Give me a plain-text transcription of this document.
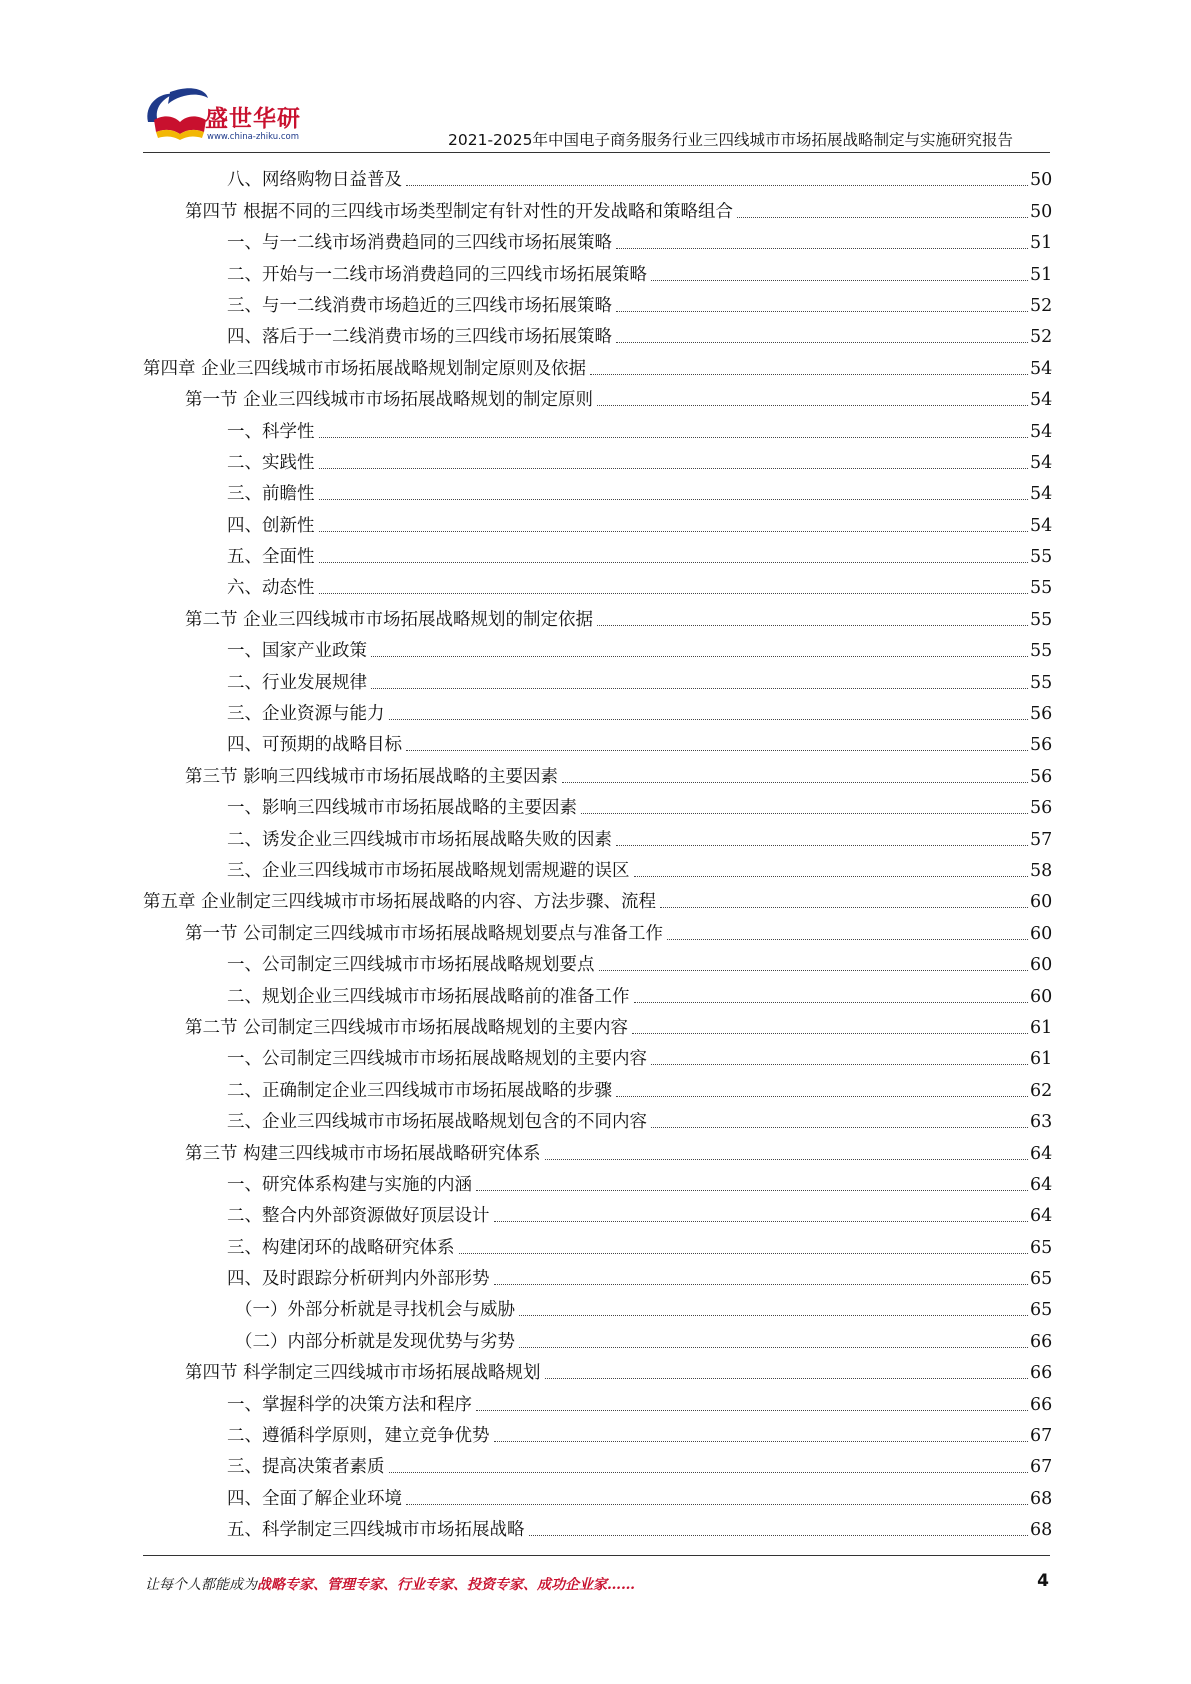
盛世华研
www.china-zhiku.com	2021-2025年中国电子商务服务行业三四线城市市场拓展战略制定与实施研究报告
八、网络购物日益普及	50
第四节 根据不同的三四线市场类型制定有针对性的开发战略和策略组合	50
一、与一二线市场消费趋同的三四线市场拓展策略	51
二、开始与一二线市场消费趋同的三四线市场拓展策略	51
三、与一二线消费市场趋近的三四线市场拓展策略	52
四、落后于一二线消费市场的三四线市场拓展策略	52
第四章 企业三四线城市市场拓展战略规划制定原则及依据	54
第一节 企业三四线城市市场拓展战略规划的制定原则	54
一、科学性	54
二、实践性	54
三、前瞻性	54
四、创新性	54
五、全面性	55
六、动态性	55
第二节 企业三四线城市市场拓展战略规划的制定依据	55
一、国家产业政策	55
二、行业发展规律	55
三、企业资源与能力	56
四、可预期的战略目标	56
第三节 影响三四线城市市场拓展战略的主要因素	56
一、影响三四线城市市场拓展战略的主要因素	56
二、诱发企业三四线城市市场拓展战略失败的因素	57
三、企业三四线城市市场拓展战略规划需规避的误区	58
第五章 企业制定三四线城市市场拓展战略的内容、方法步骤、流程	60
第一节 公司制定三四线城市市场拓展战略规划要点与准备工作	60
一、公司制定三四线城市市场拓展战略规划要点	60
二、规划企业三四线城市市场拓展战略前的准备工作	60
第二节 公司制定三四线城市市场拓展战略规划的主要内容	61
一、公司制定三四线城市市场拓展战略规划的主要内容	61
二、正确制定企业三四线城市市场拓展战略的步骤	62
三、企业三四线城市市场拓展战略规划包含的不同内容	63
第三节 构建三四线城市市场拓展战略研究体系	64
一、研究体系构建与实施的内涵	64
二、整合内外部资源做好顶层设计	64
三、构建闭环的战略研究体系	65
四、及时跟踪分析研判内外部形势	65
（一）外部分析就是寻找机会与威胁	65
（二）内部分析就是发现优势与劣势	66
第四节 科学制定三四线城市市场拓展战略规划	66
一、掌握科学的决策方法和程序	66
二、遵循科学原则，建立竞争优势	67
三、提高决策者素质	67
四、全面了解企业环境	68
五、科学制定三四线城市市场拓展战略	68
让每个人都能成为战略专家、管理专家、行业专家、投资专家、成功企业家……	4
